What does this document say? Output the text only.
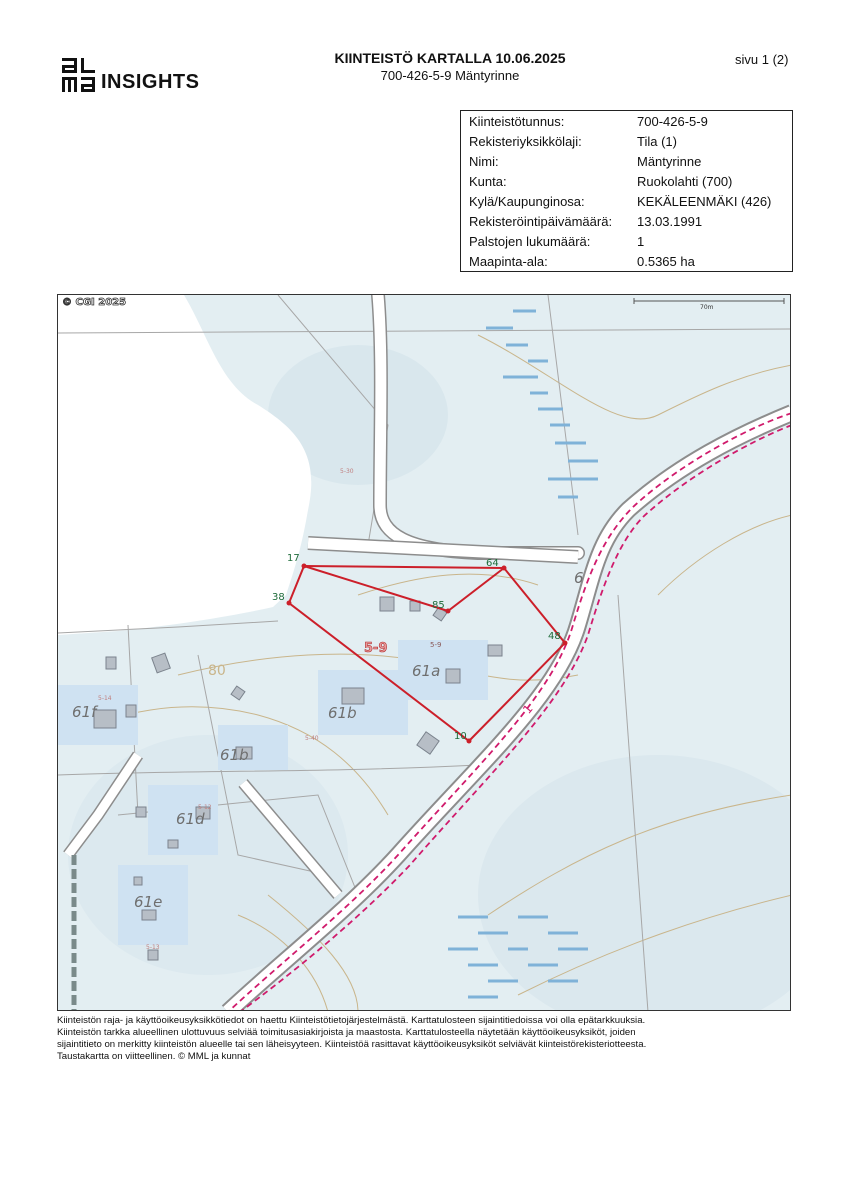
INSIGHTS
KIINTEISTÖ KARTALLA 10.06.2025
700-426-5-9 Mäntyrinne
sivu 1 (2)
Kiinteistötunnus:	700-426-5-9
Rekisteriyksikkölaji:	Tila (1)
Nimi:	Mäntyrinne
Kunta:	Ruokolahti (700)
Kylä/Kaupunginosa:	KEKÄLEENMÄKI (426)
Rekisteröintipäivämäärä:	13.03.1991
Palstojen lukumäärä:	1
Maapinta-ala:	0.5365 ha
17	64
85
38
48
10
5-9	5-9
80	61a
61b
61b
61f
61d
61e
6
5-30
5-40
5-14
5-12
5-13
1
70m
© CGI 2025
Kiinteistön raja- ja käyttöoikeusyksikkötiedot on haettu Kiinteistötietojärjestelmästä. Karttatulosteen sijaintitiedoissa voi olla epätarkkuuksia.
Kiinteistön tarkka alueellinen ulottuvuus selviää toimitusasiakirjoista ja maastosta. Karttatulosteella näytetään käyttöoikeusyksiköt, joiden
sijaintitieto on merkitty kiinteistön alueelle tai sen läheisyyteen. Kiinteistöä rasittavat käyttöoikeusyksiköt selviävät kiinteistörekisteriotteesta.
Taustakartta on viitteellinen. © MML ja kunnat
